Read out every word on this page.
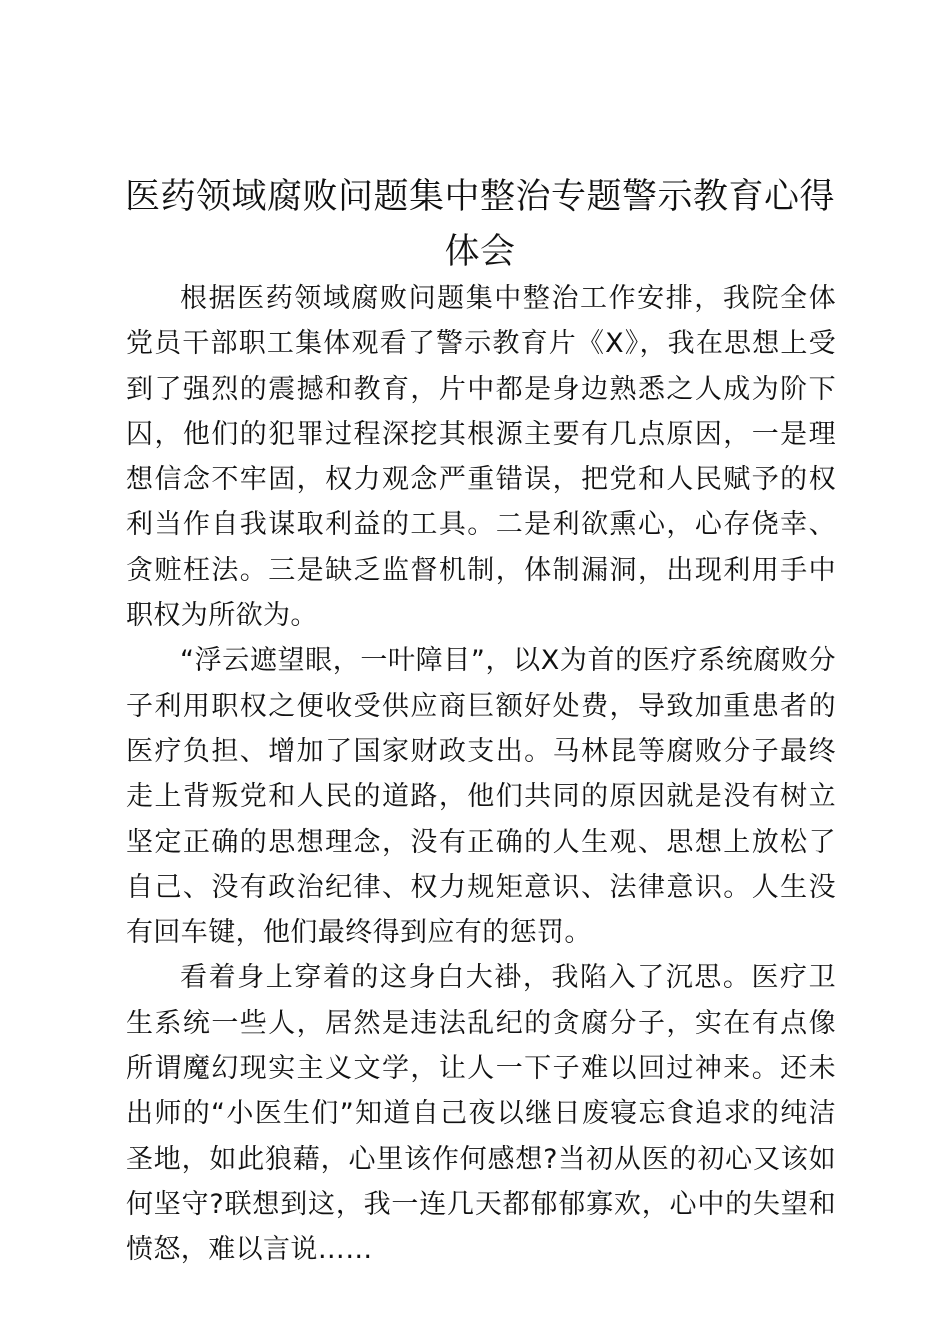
医药领域腐败问题集中整治专题警示教育心得体会

根据医药领域腐败问题集中整治工作安排，我院全体党员干部职工集体观看了警示教育片《X》，我在思想上受到了强烈的震撼和教育，片中都是身边熟悉之人成为阶下囚，他们的犯罪过程深挖其根源主要有几点原因，一是理想信念不牢固，权力观念严重错误，把党和人民赋予的权利当作自我谋取利益的工具。二是利欲熏心，心存侥幸、贪赃枉法。三是缺乏监督机制，体制漏洞，出现利用手中职权为所欲为。

“浮云遮望眼，一叶障目”，以X为首的医疗系统腐败分子利用职权之便收受供应商巨额好处费，导致加重患者的医疗负担、增加了国家财政支出。马林昆等腐败分子最终走上背叛党和人民的道路，他们共同的原因就是没有树立坚定正确的思想理念，没有正确的人生观、思想上放松了自己、没有政治纪律、权力规矩意识、法律意识。人生没有回车键，他们最终得到应有的惩罚。

看着身上穿着的这身白大褂，我陷入了沉思。医疗卫生系统一些人，居然是违法乱纪的贪腐分子，实在有点像所谓魔幻现实主义文学，让人一下子难以回过神来。还未出师的“小医生们”知道自己夜以继日废寝忘食追求的纯洁圣地，如此狼藉，心里该作何感想?当初从医的初心又该如何坚守?联想到这，我一连几天都郁郁寡欢，心中的失望和愤怒，难以言说……
